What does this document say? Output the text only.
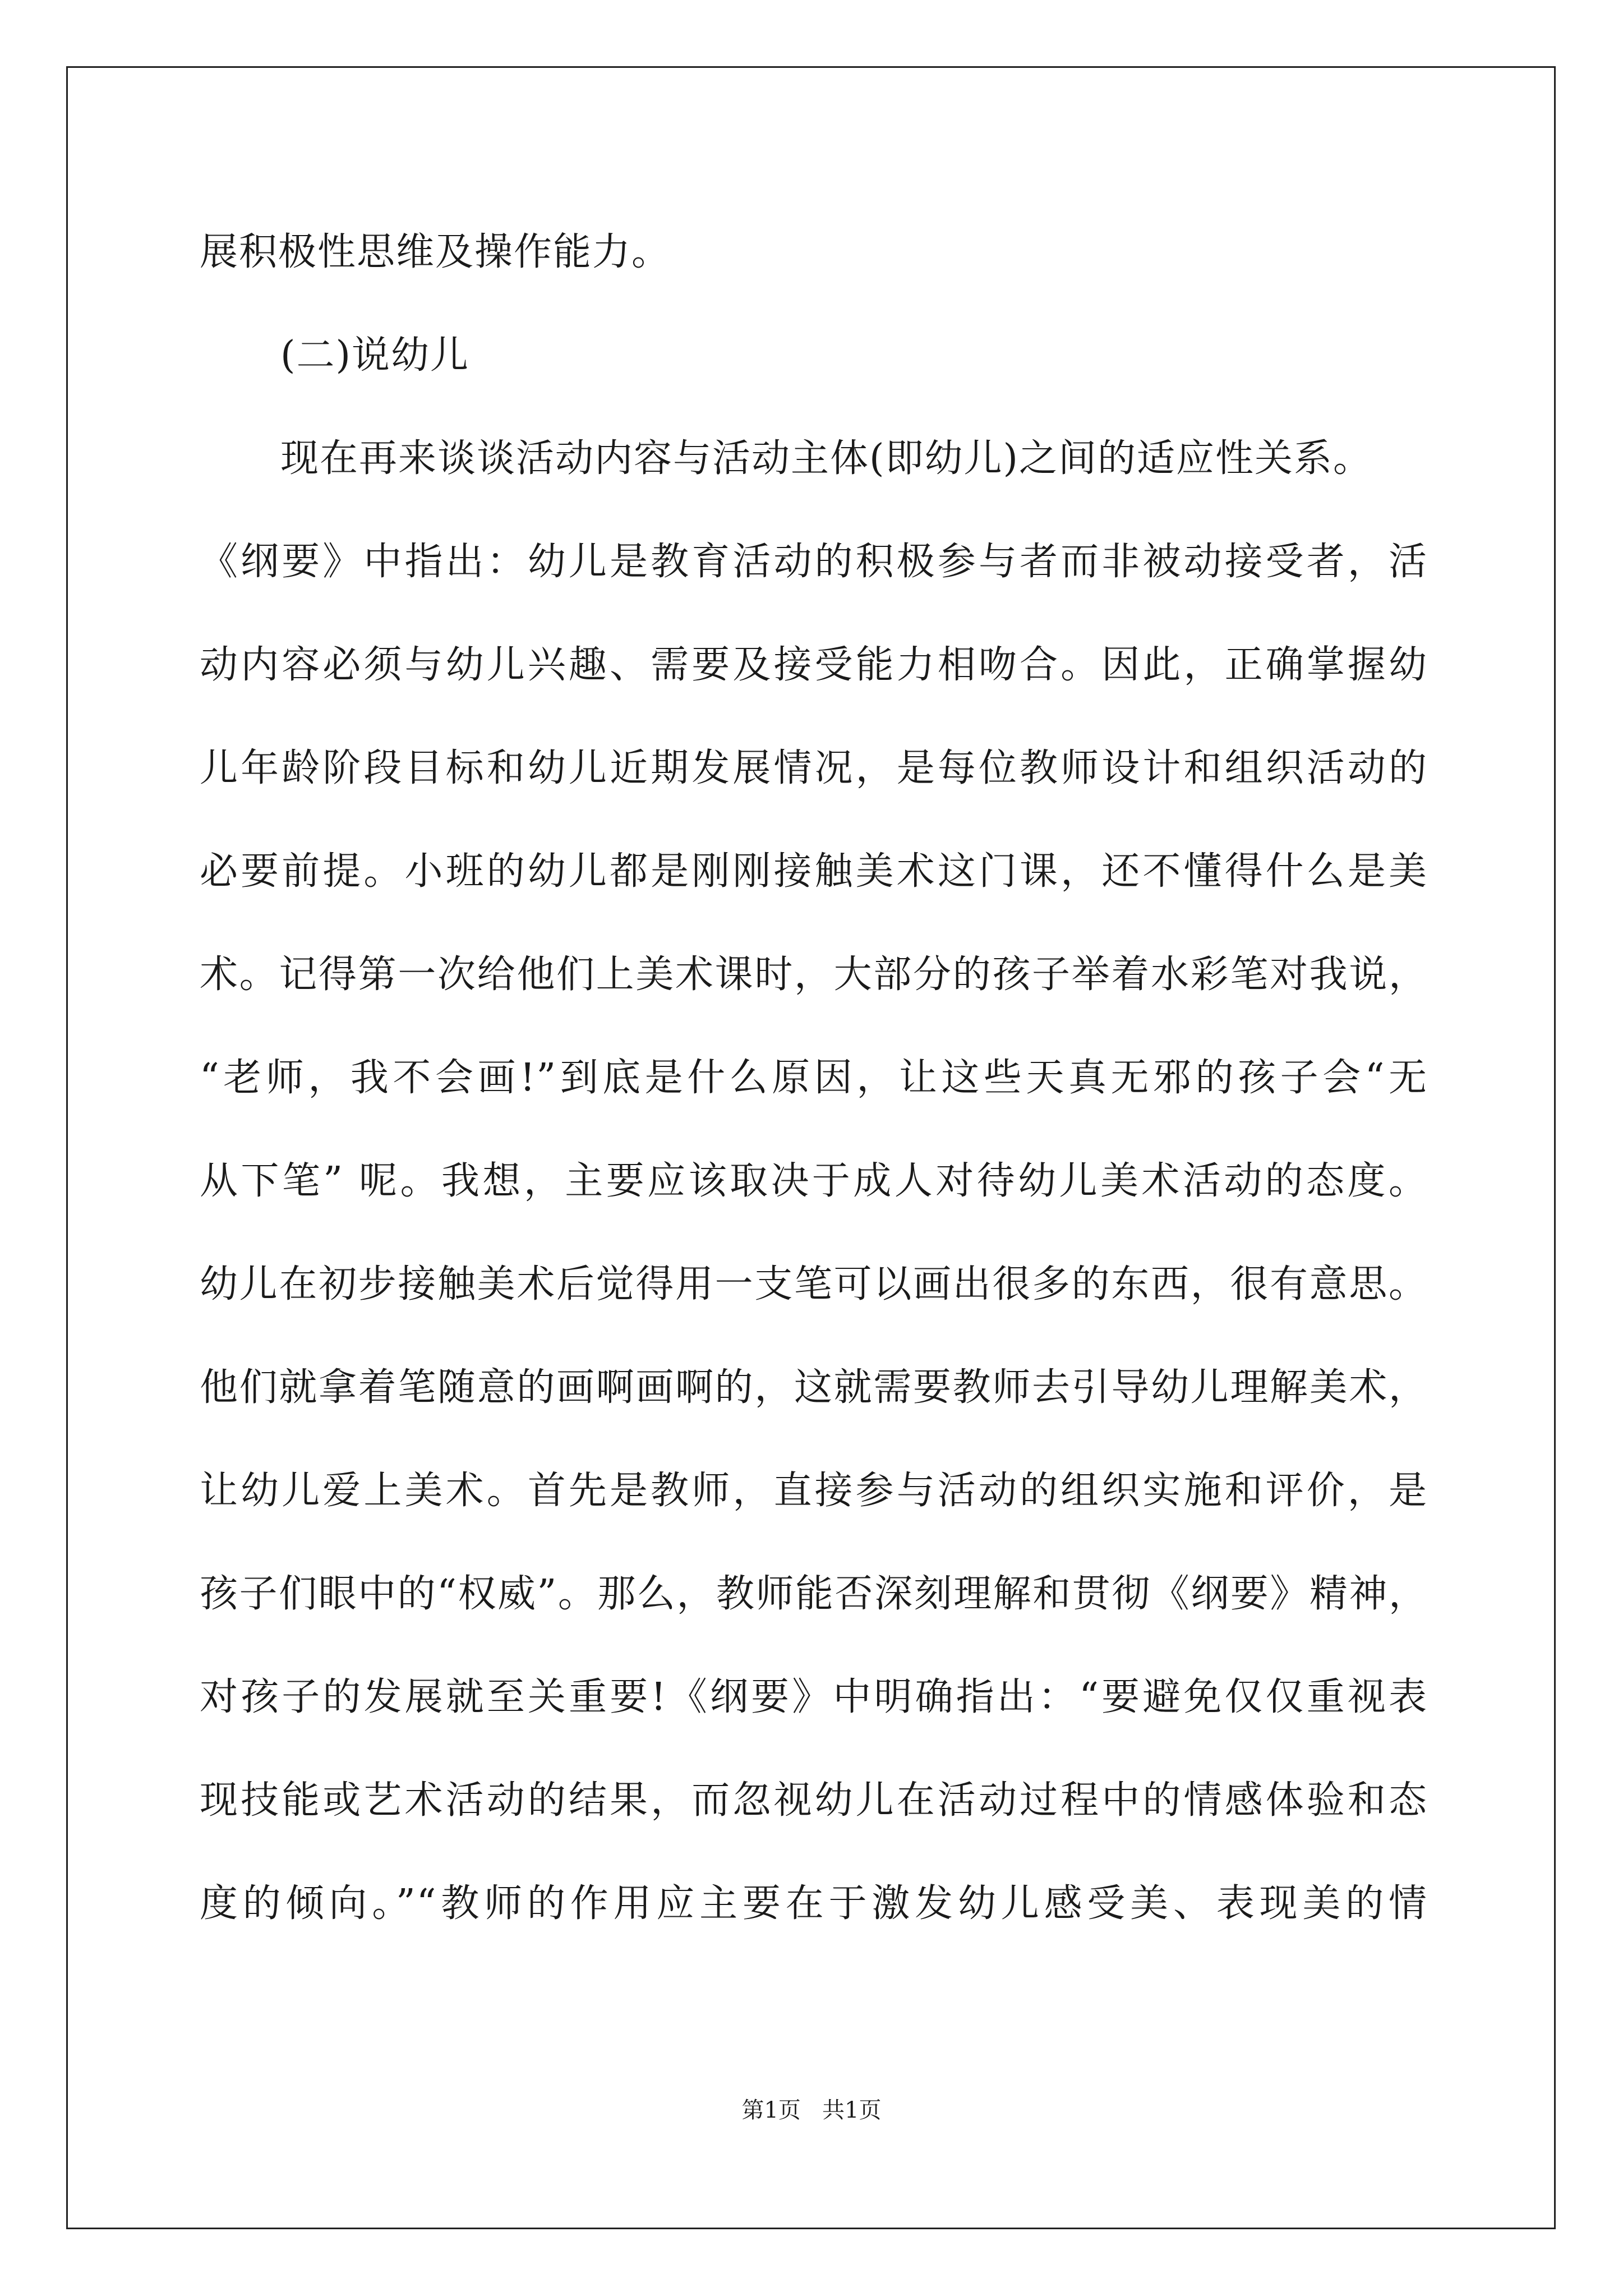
展积极性思维及操作能力。
(二)说幼儿
现在再来谈谈活动内容与活动主体(即幼儿)之间的适应性关系。
《纲要》中指出：幼儿是教育活动的积极参与者而非被动接受者，活
动内容必须与幼儿兴趣、需要及接受能力相吻合。因此，正确掌握幼
儿年龄阶段目标和幼儿近期发展情况，是每位教师设计和组织活动的
必要前提。小班的幼儿都是刚刚接触美术这门课，还不懂得什么是美
术。记得第一次给他们上美术课时，大部分的孩子举着水彩笔对我说，
“老师，我不会画!”到底是什么原因，让这些天真无邪的孩子会“无
从下笔” 呢。我想，主要应该取决于成人对待幼儿美术活动的态度。
幼儿在初步接触美术后觉得用一支笔可以画出很多的东西，很有意思。
他们就拿着笔随意的画啊画啊的，这就需要教师去引导幼儿理解美术，
让幼儿爱上美术。首先是教师，直接参与活动的组织实施和评价，是
孩子们眼中的“权威”。那么，教师能否深刻理解和贯彻《纲要》精神，
对孩子的发展就至关重要!《纲要》中明确指出：“要避免仅仅重视表
现技能或艺术活动的结果，而忽视幼儿在活动过程中的情感体验和态
度的倾向。”“教师的作用应主要在于激发幼儿感受美、表现美的情
第1页   共1页
